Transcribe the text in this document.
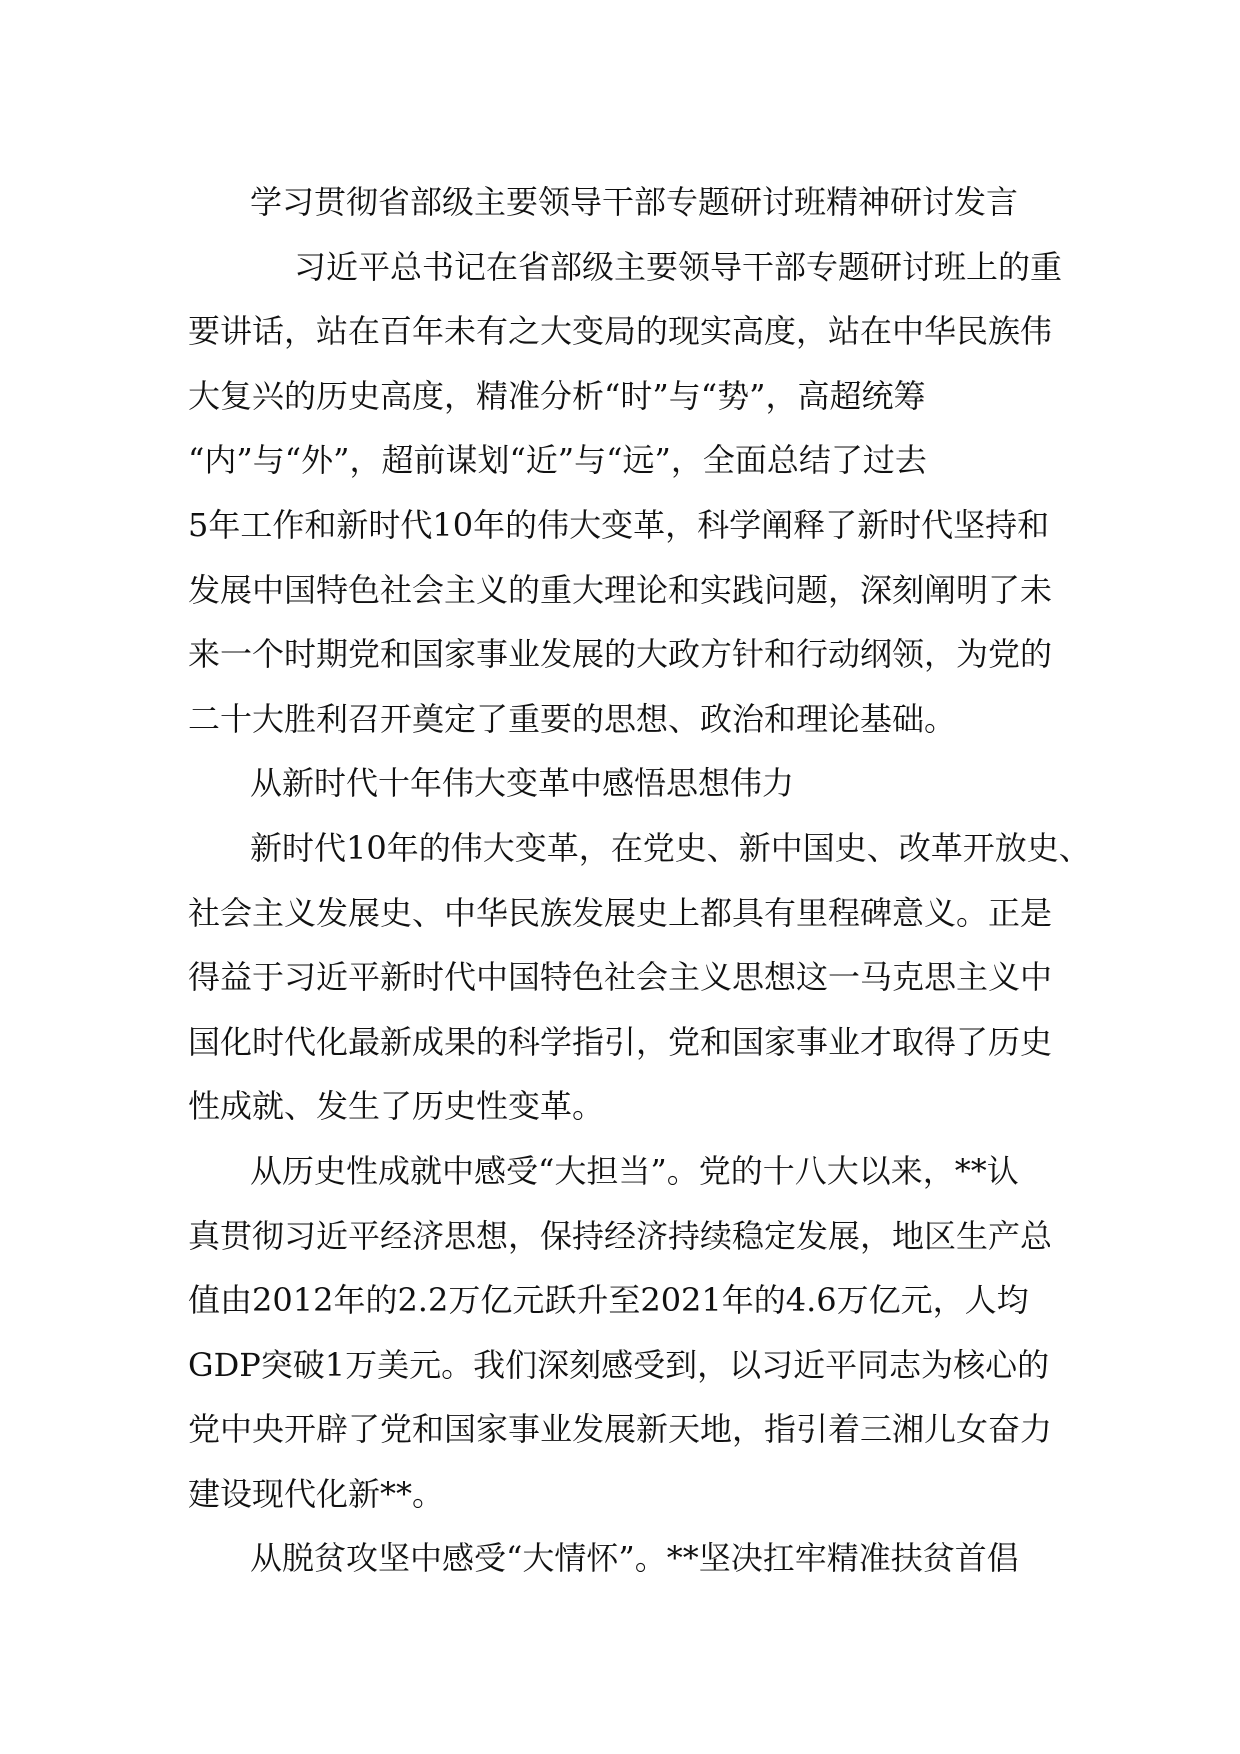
学习贯彻省部级主要领导干部专题研讨班精神研讨发言
习近平总书记在省部级主要领导干部专题研讨班上的重
要讲话，站在百年未有之大变局的现实高度，站在中华民族伟
大复兴的历史高度，精准分析“时”与“势”，高超统筹
“内”与“外”，超前谋划“近”与“远”，全面总结了过去
5年工作和新时代10年的伟大变革，科学阐释了新时代坚持和
发展中国特色社会主义的重大理论和实践问题，深刻阐明了未
来一个时期党和国家事业发展的大政方针和行动纲领，为党的
二十大胜利召开奠定了重要的思想、政治和理论基础。
从新时代十年伟大变革中感悟思想伟力
新时代10年的伟大变革，在党史、新中国史、改革开放史、
社会主义发展史、中华民族发展史上都具有里程碑意义。正是
得益于习近平新时代中国特色社会主义思想这一马克思主义中
国化时代化最新成果的科学指引，党和国家事业才取得了历史
性成就、发生了历史性变革。
从历史性成就中感受“大担当”。党的十八大以来，**认
真贯彻习近平经济思想，保持经济持续稳定发展，地区生产总
值由2012年的2.2万亿元跃升至2021年的4.6万亿元，人均
GDP突破1万美元。我们深刻感受到，以习近平同志为核心的
党中央开辟了党和国家事业发展新天地，指引着三湘儿女奋力
建设现代化新**。
从脱贫攻坚中感受“大情怀”。**坚决扛牢精准扶贫首倡
